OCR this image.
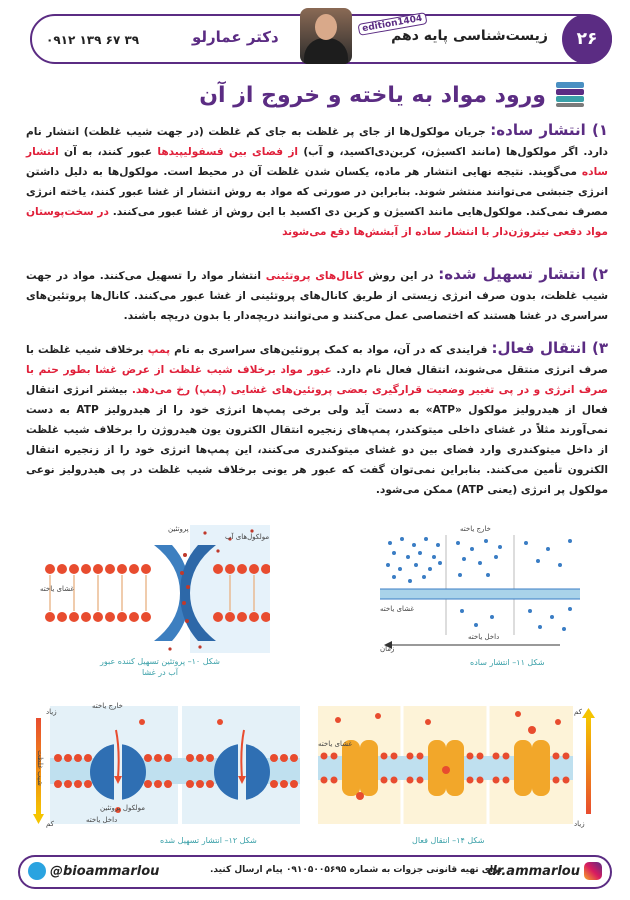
۲۶
زیست‌شناسی پایه دهم
edition1404
دکتر عمارلو
۰۹۱۲ ۱۳۹ ۶۷ ۳۹
ورود مواد به یاخته و خروج از آن
۱) انتشار ساده: جریان مولکول‌ها از جای پر غلظت به جای کم غلظت (در جهت شیب غلظت) انتشار نام دارد. اگر مولکول‌ها (مانند اکسیژن، کربن‌دی‌اکسید، و آب) از فضای بین فسفولیپیدها عبور کنند، به آن انتشار ساده می‌گویند. نتیجه نهایی انتشار هر ماده، یکسان شدن غلظت آن در محیط است. مولکول‌ها به دلیل داشتن انرژی جنبشی می‌توانند منتشر شوند. بنابراین در صورتی که مواد به روش انتشار از غشا عبور کنند، یاخته انرژی مصرف نمی‌کند. مولکول‌هایی مانند اکسیژن و کربن دی اکسید با این روش از غشا عبور می‌کنند. در سخت‌پوستان مواد دفعی نیتروژن‌دار با انتشار ساده از آبشش‌ها دفع می‌شوند
۲) انتشار تسهیل شده: در این روش کانال‌های پروتئینی انتشار مواد را تسهیل می‌کنند. مواد در جهت شیب غلظت، بدون صرف انرژی زیستی از طریق کانال‌های پروتئینی از غشا عبور می‌کنند. کانال‌ها پروتئین‌های سراسری در غشا هستند که اختصاصی عمل می‌کنند و می‌توانند دریچه‌دار یا بدون دریچه باشند.
۳) انتقال فعال: فرایندی که در آن، مواد به کمک پروتئین‌های سراسری به نام پمپ برخلاف شیب غلظت با صرف انرژی منتقل می‌شوند، انتقال فعال نام دارد. عبور مواد برخلاف شیب غلظت از عرض غشا بطور حتم با صرف انرژی و در پی تغییر وضعیت قرارگیری بعضی پروتئین‌های غشایی (پمپ) رخ می‌دهد. بیشتر انرژی انتقال فعال از هیدرولیز مولکول «ATP» به دست آید ولی برخی پمپ‌ها انرژی خود را از هیدرولیز ATP به دست نمی‌آورند مثلاً در غشای داخلی میتوکندر، پمپ‌های زنجیره انتقال الکترون یون هیدروژن را برخلاف شیب غلظت از داخل میتوکندری وارد فضای بین دو غشای میتوکندری می‌کنند، این پمپ‌ها انرژی خود را از زنجیره انتقال الکترون تأمین می‌کنند. بنابراین نمی‌توان گفت که عبور هر یونی برخلاف شیب غلظت در پی هیدرولیز نوعی مولکول پر انرژی (یعنی ATP) ممکن می‌شود.
پروتئین
مولکول‌های آب
غشای یاخته
شکل ۱۰– پروتئین تسهیل کننده عبور آب در غشا
خارج یاخته
غشای یاخته
داخل یاخته
زمان
شکل ۱۱– انتشار ساده
خارج یاخته
مولکول پروتئین
داخل یاخته
زیاد
کم
شیب غلظت
شکل ۱۲– انتشار تسهیل شده
کم
زیاد
غشای یاخته
شکل ۱۴– انتقال فعال
dr.ammarlou
برای تهیه قانونی جزوات به شماره ۰۹۱۰۵۰۰۵۶۹۵ پیام ارسال کنید.
@bioammarlou
